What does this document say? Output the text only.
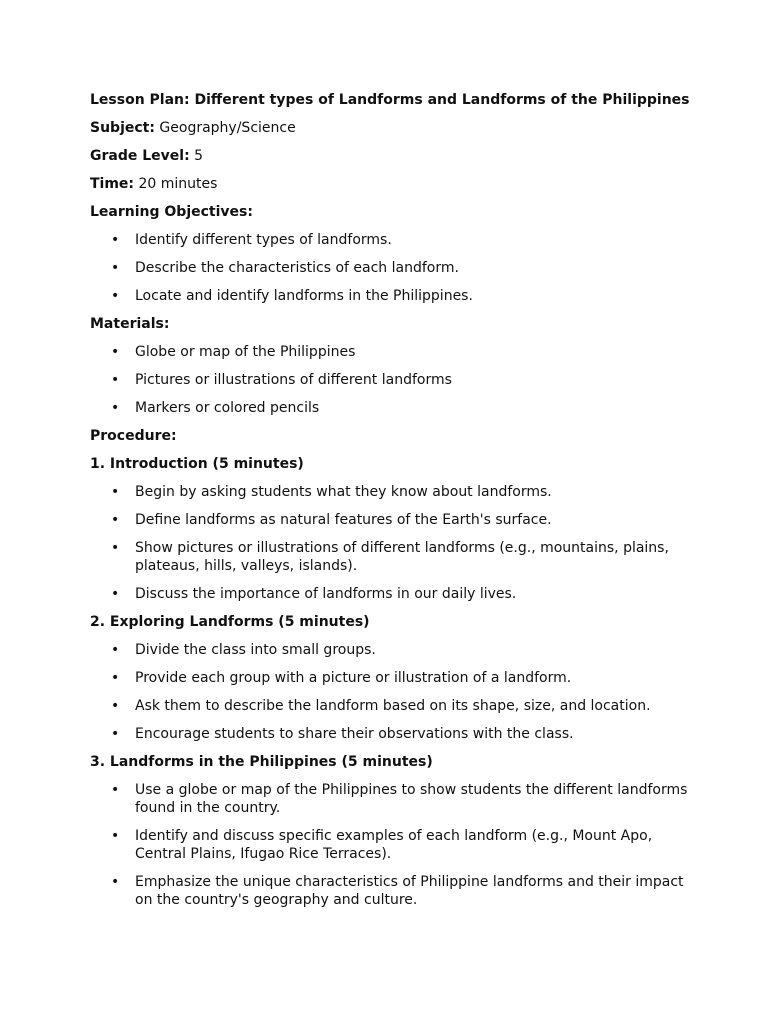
Lesson Plan: Different types of Landforms and Landforms of the Philippines
Subject: Geography/Science
Grade Level: 5
Time: 20 minutes
Learning Objectives:
• Identify different types of landforms.
• Describe the characteristics of each landform.
• Locate and identify landforms in the Philippines.
Materials:
• Globe or map of the Philippines
• Pictures or illustrations of different landforms
• Markers or colored pencils
Procedure:
1. Introduction (5 minutes)
• Begin by asking students what they know about landforms.
• Define landforms as natural features of the Earth's surface.
• Show pictures or illustrations of different landforms (e.g., mountains, plains, plateaus, hills, valleys, islands).
• Discuss the importance of landforms in our daily lives.
2. Exploring Landforms (5 minutes)
• Divide the class into small groups.
• Provide each group with a picture or illustration of a landform.
• Ask them to describe the landform based on its shape, size, and location.
• Encourage students to share their observations with the class.
3. Landforms in the Philippines (5 minutes)
• Use a globe or map of the Philippines to show students the different landforms found in the country.
• Identify and discuss specific examples of each landform (e.g., Mount Apo, Central Plains, Ifugao Rice Terraces).
• Emphasize the unique characteristics of Philippine landforms and their impact on the country's geography and culture.
